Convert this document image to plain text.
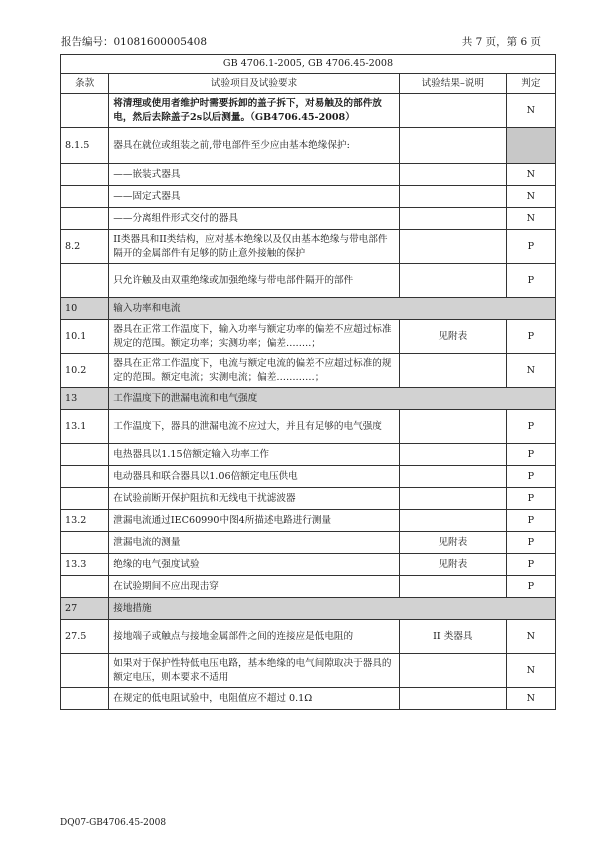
报告编号：01081600005408	共 7 页，第 6 页
GB 4706.1-2005, GB 4706.45-2008			
条款	试验项目及试验要求	试验结果–说明	判定
	将清理或使用者维护时需要拆卸的盖子拆下，对易触及的部件放电，然后去除盖子2s以后测量。（GB4706.45-2008）		N
8.1.5	器具在就位或组装之前,带电部件至少应由基本绝缘保护:		
	——嵌装式器具		N
	——固定式器具		N
	——分离组件形式交付的器具		N
8.2	II类器具和II类结构，应对基本绝缘以及仅由基本绝缘与带电部件隔开的金属部件有足够的防止意外接触的保护		P
	只允许触及由双重绝缘或加强绝缘与带电部件隔开的部件		P
10	输入功率和电流		
10.1	器具在正常工作温度下，输入功率与额定功率的偏差不应超过标准规定的范围。额定功率；实测功率；偏差……..；	见附表	P
10.2	器具在正常工作温度下，电流与额定电流的偏差不应超过标准的规定的范围。额定电流；实测电流；偏差…………；		N
13	工作温度下的泄漏电流和电气强度		
13.1	工作温度下，器具的泄漏电流不应过大，并且有足够的电气强度		P
	电热器具以1.15倍额定输入功率工作		P
	电动器具和联合器具以1.06倍额定电压供电		P
	在试验前断开保护阻抗和无线电干扰滤波器		P
13.2	泄漏电流通过IEC60990中图4所描述电路进行测量		P
	泄漏电流的测量	见附表	P
13.3	绝缘的电气强度试验	见附表	P
	在试验期间不应出现击穿		P
27	接地措施		
27.5	接地端子或触点与接地金属部件之间的连接应是低电阻的	II 类器具	N
	如果对于保护性特低电压电路，基本绝缘的电气间隙取决于器具的额定电压，则本要求不适用		N
	在规定的低电阻试验中，电阻值应不超过 0.1Ω		N
DQ07-GB4706.45-2008
